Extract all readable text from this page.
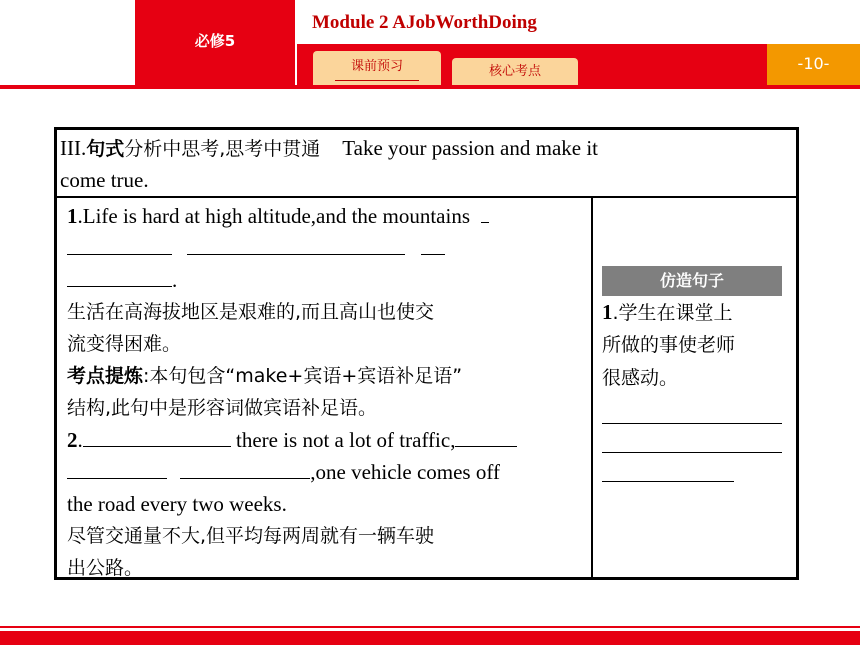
必修5
Module 2 AJobWorthDoing
-10-
课前预习	核心考点
III.句式分析中思考,思考中贯通 Take your passion and make it
come true.
1.Life is hard at high altitude,and the mountains

.
生活在高海拔地区是艰难的,而且高山也使交
流变得困难。
考点提炼:本句包含“make+宾语+宾语补足语”
结构,此句中是形容词做宾语补足语。
2.	there is not a lot of traffic,
,one vehicle comes off
the road every two weeks.
尽管交通量不大,但平均每两周就有一辆车驶
出公路。
仿造句子
1.学生在课堂上
所做的事使老师
很感动。
